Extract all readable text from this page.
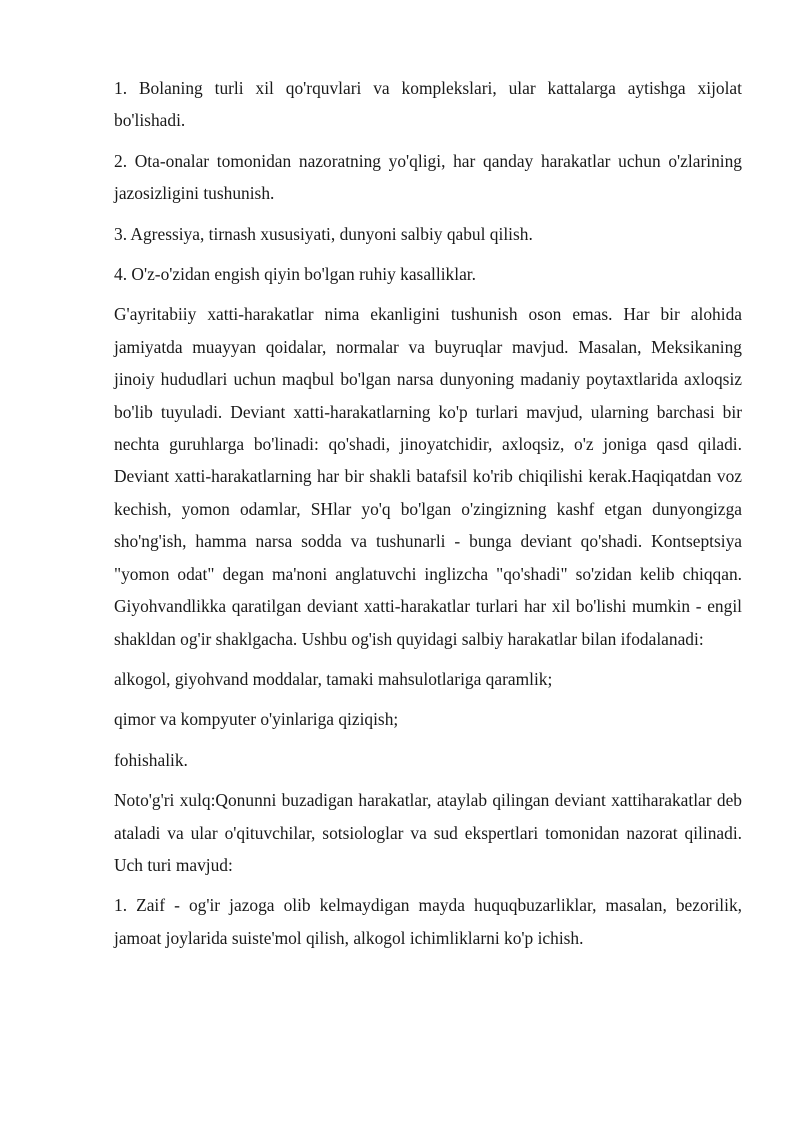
1. Bolaning turli xil qo'rquvlari va komplekslari, ular kattalarga aytishga xijolat bo'lishadi.

2. Ota-onalar tomonidan nazoratning yo'qligi, har qanday harakatlar uchun o'zlarining jazosizligini tushunish.

3. Agressiya, tirnash xususiyati, dunyoni salbiy qabul qilish.

4. O'z-o'zidan engish qiyin bo'lgan ruhiy kasalliklar.

G'ayritabiiy xatti-harakatlar nima ekanligini tushunish oson emas. Har bir alohida jamiyatda muayyan qoidalar, normalar va buyruqlar mavjud. Masalan, Meksikaning jinoiy hududlari uchun maqbul bo'lgan narsa dunyoning madaniy poytaxtlarida axloqsiz bo'lib tuyuladi. Deviant xatti-harakatlarning ko'p turlari mavjud, ularning barchasi bir nechta guruhlarga bo'linadi: qo'shadi, jinoyatchidir, axloqsiz, o'z joniga qasd qiladi. Deviant xatti-harakatlarning har bir shakli batafsil ko'rib chiqilishi kerak.Haqiqatdan voz kechish, yomon odamlar, SHlar yo'q bo'lgan o'zingizning kashf etgan dunyongizga sho'ng'ish, hamma narsa sodda va tushunarli - bunga deviant qo'shadi. Kontseptsiya "yomon odat" degan ma'noni anglatuvchi inglizcha "qo'shadi" so'zidan kelib chiqqan. Giyohvandlikka qaratilgan deviant xatti-harakatlar turlari har xil bo'lishi mumkin - engil shakldan og'ir shaklgacha. Ushbu og'ish quyidagi salbiy harakatlar bilan ifodalanadi:

alkogol, giyohvand moddalar, tamaki mahsulotlariga qaramlik;

qimor va kompyuter o'yinlariga qiziqish;

fohishalik.

Noto'g'ri xulq:Qonunni buzadigan harakatlar, ataylab qilingan deviant xattiharakatlar deb ataladi va ular o'qituvchilar, sotsiologlar va sud ekspertlari tomonidan nazorat qilinadi. Uch turi mavjud:

1. Zaif - og'ir jazoga olib kelmaydigan mayda huquqbuzarliklar, masalan, bezorilik, jamoat joylarida suiste'mol qilish, alkogol ichimliklarni ko'p ichish.
